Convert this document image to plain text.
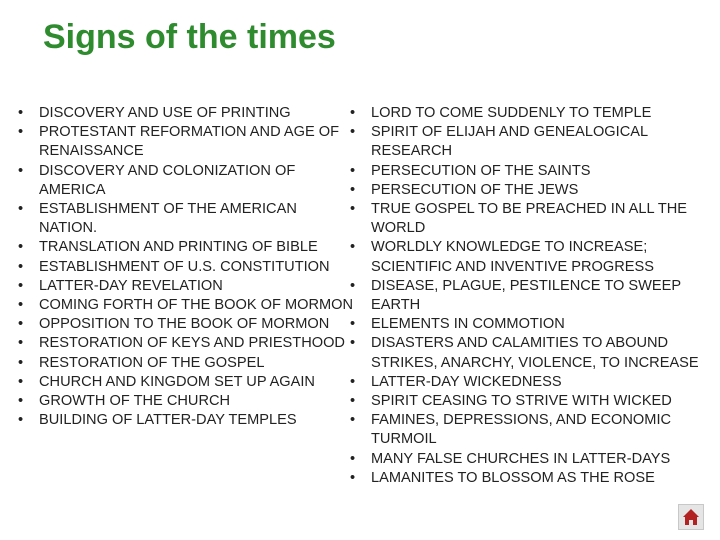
Signs of the times
• DISCOVERY AND USE OF PRINTING
• PROTESTANT REFORMATION AND AGE OF RENAISSANCE
• DISCOVERY AND COLONIZATION OF AMERICA
• ESTABLISHMENT OF THE AMERICAN NATION.
• TRANSLATION AND PRINTING OF BIBLE
• ESTABLISHMENT OF U.S. CONSTITUTION
• LATTER-DAY REVELATION
• COMING FORTH OF THE BOOK OF MORMON
• OPPOSITION TO THE BOOK OF MORMON
• RESTORATION OF KEYS AND PRIESTHOOD
• RESTORATION OF THE GOSPEL
• CHURCH AND KINGDOM SET UP AGAIN
• GROWTH OF THE CHURCH
• BUILDING OF LATTER-DAY TEMPLES
• LORD TO COME SUDDENLY TO TEMPLE
• SPIRIT OF ELIJAH AND GENEALOGICAL RESEARCH
• PERSECUTION OF THE SAINTS
• PERSECUTION OF THE JEWS
• TRUE GOSPEL TO BE PREACHED IN ALL THE WORLD
• WORLDLY KNOWLEDGE TO INCREASE; SCIENTIFIC AND INVENTIVE PROGRESS
• DISEASE, PLAGUE, PESTILENCE TO SWEEP EARTH
• ELEMENTS IN COMMOTION
• DISASTERS AND CALAMITIES TO ABOUND STRIKES, ANARCHY, VIOLENCE, TO INCREASE
• LATTER-DAY WICKEDNESS
• SPIRIT CEASING TO STRIVE WITH WICKED
• FAMINES, DEPRESSIONS, AND ECONOMIC TURMOIL
• MANY FALSE CHURCHES IN LATTER-DAYS
• LAMANITES TO BLOSSOM AS THE ROSE
